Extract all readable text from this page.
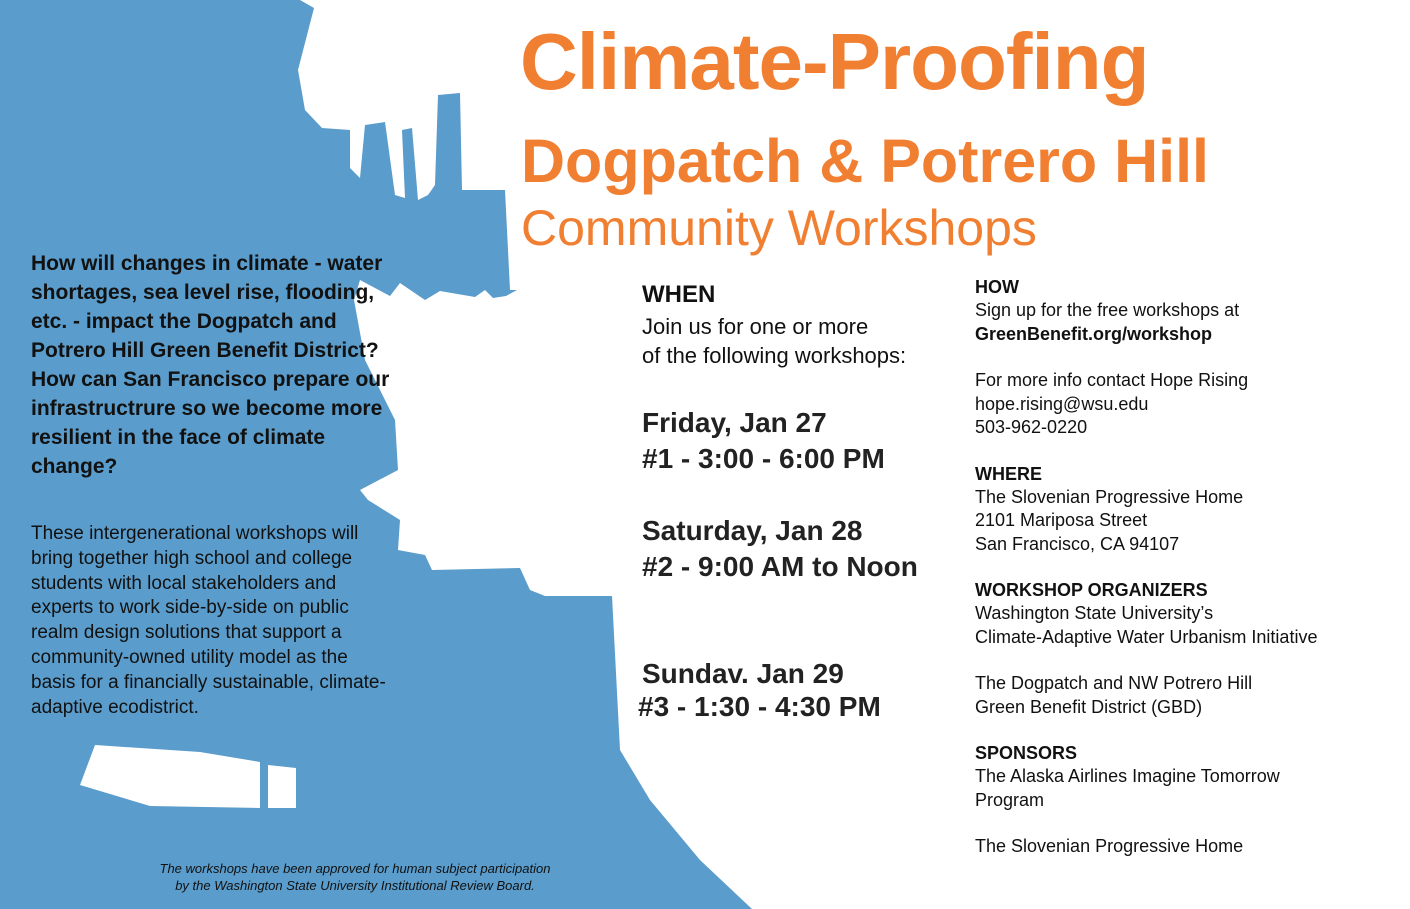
Climate-Proofing
Dogpatch & Potrero Hill
Community Workshops

How will changes in climate - water shortages, sea level rise, flooding, etc. - impact the Dogpatch and Potrero Hill Green Benefit District? How can San Francisco prepare our infrastructrure so we become more resilient in the face of climate change?

These intergenerational workshops will bring together high school and college students with local stakeholders and experts to work side-by-side on public realm design solutions that support a community-owned utility model as the basis for a financially sustainable, climate-adaptive ecodistrict.

The workshops have been approved for human subject participation
by the Washington State University Institutional Review Board.
WHEN
Join us for one or more
of the following workshops:
Friday, Jan 27
#1 - 3:00 - 6:00 PM
Saturday, Jan 28
#2 - 9:00 AM to Noon
Sundav. Jan 29
#3 - 1:30 - 4:30 PM
HOW
Sign up for the free workshops at
GreenBenefit.org/workshop
For more info contact Hope Rising
hope.rising@wsu.edu
503-962-0220
WHERE
The Slovenian Progressive Home
2101 Mariposa Street
San Francisco, CA 94107
WORKSHOP ORGANIZERS
Washington State University’s
Climate-Adaptive Water Urbanism Initiative
The Dogpatch and NW Potrero Hill
Green Benefit District (GBD)
SPONSORS
The Alaska Airlines Imagine Tomorrow
Program
The Slovenian Progressive Home
